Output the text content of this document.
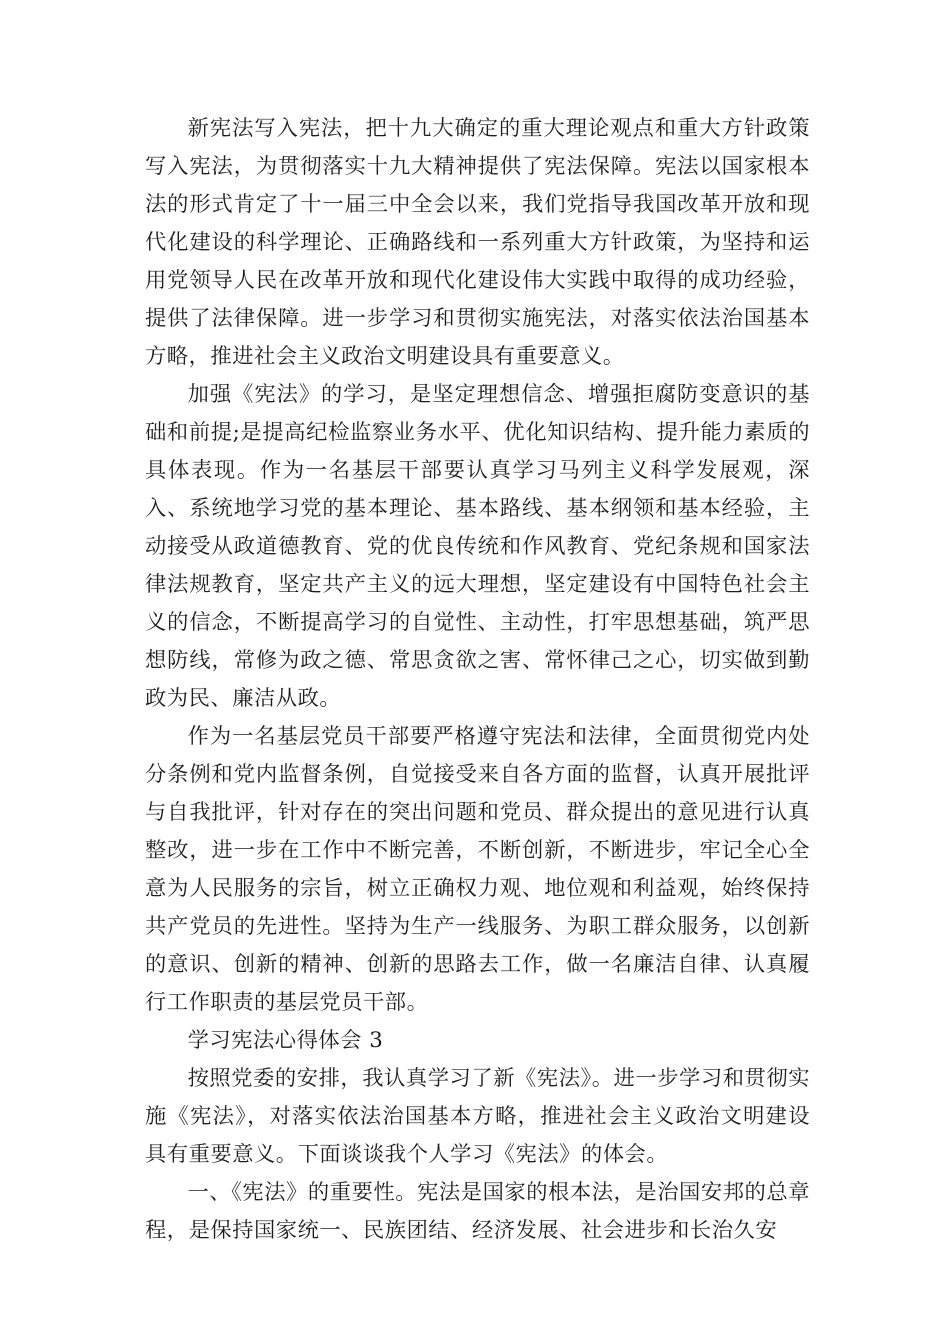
新宪法写入宪法，把十九大确定的重大理论观点和重大方针政策写入宪法，为贯彻落实十九大精神提供了宪法保障。宪法以国家根本法的形式肯定了十一届三中全会以来，我们党指导我国改革开放和现代化建设的科学理论、正确路线和一系列重大方针政策，为坚持和运用党领导人民在改革开放和现代化建设伟大实践中取得的成功经验，提供了法律保障。进一步学习和贯彻实施宪法，对落实依法治国基本方略，推进社会主义政治文明建设具有重要意义。

加强《宪法》的学习，是坚定理想信念、增强拒腐防变意识的基础和前提;是提高纪检监察业务水平、优化知识结构、提升能力素质的具体表现。作为一名基层干部要认真学习马列主义科学发展观，深入、系统地学习党的基本理论、基本路线、基本纲领和基本经验，主动接受从政道德教育、党的优良传统和作风教育、党纪条规和国家法律法规教育，坚定共产主义的远大理想，坚定建设有中国特色社会主义的信念，不断提高学习的自觉性、主动性，打牢思想基础，筑严思想防线，常修为政之德、常思贪欲之害、常怀律己之心，切实做到勤政为民、廉洁从政。

作为一名基层党员干部要严格遵守宪法和法律，全面贯彻党内处分条例和党内监督条例，自觉接受来自各方面的监督，认真开展批评与自我批评，针对存在的突出问题和党员、群众提出的意见进行认真整改，进一步在工作中不断完善，不断创新，不断进步，牢记全心全意为人民服务的宗旨，树立正确权力观、地位观和利益观，始终保持共产党员的先进性。坚持为生产一线服务、为职工群众服务，以创新的意识、创新的精神、创新的思路去工作，做一名廉洁自律、认真履行工作职责的基层党员干部。

学习宪法心得体会 3

按照党委的安排，我认真学习了新《宪法》。进一步学习和贯彻实施《宪法》，对落实依法治国基本方略，推进社会主义政治文明建设具有重要意义。下面谈谈我个人学习《宪法》的体会。

一、《宪法》的重要性。宪法是国家的根本法，是治国安邦的总章程，是保持国家统一、民族团结、经济发展、社会进步和长治久安
